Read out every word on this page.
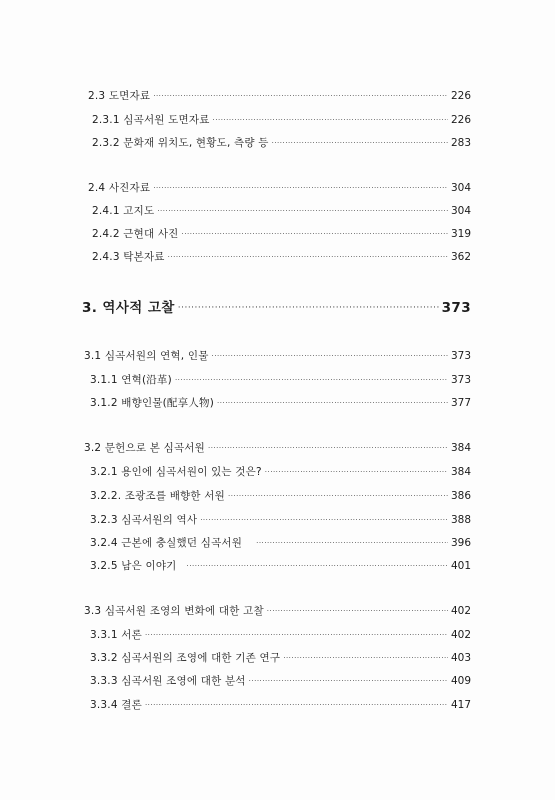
2.3 도면자료 ·····	226
2.3.1 심곡서원 도면자료 ·····	226
2.3.2 문화재 위치도, 현황도, 측량 등 ·····	283
2.4 사진자료 ·····	304
2.4.1 고지도 ·····	304
2.4.2 근현대 사진 ·····	319
2.4.3 탁본자료 ·····	362
3. 역사적 고찰 ·····	373
3.1 심곡서원의 연혁, 인물 ·····	373
3.1.1 연혁(沿革) ·····	373
3.1.2 배향인물(配享人物) ·····	377
3.2 문헌으로 본 심곡서원 ·····	384
3.2.1 용인에 심곡서원이 있는 것은? ·····	384
3.2.2. 조광조를 배향한 서원 ·····	386
3.2.3 심곡서원의 역사 ·····	388
3.2.4 근본에 충실했던 심곡서원 ·····	396
3.2.5 남은 이야기 ·····	401
3.3 심곡서원 조영의 변화에 대한 고찰 ·····	402
3.3.1 서론 ·····	402
3.3.2 심곡서원의 조영에 대한 기존 연구 ·····	403
3.3.3 심곡서원 조영에 대한 분석 ·····	409
3.3.4 결론 ·····	417
